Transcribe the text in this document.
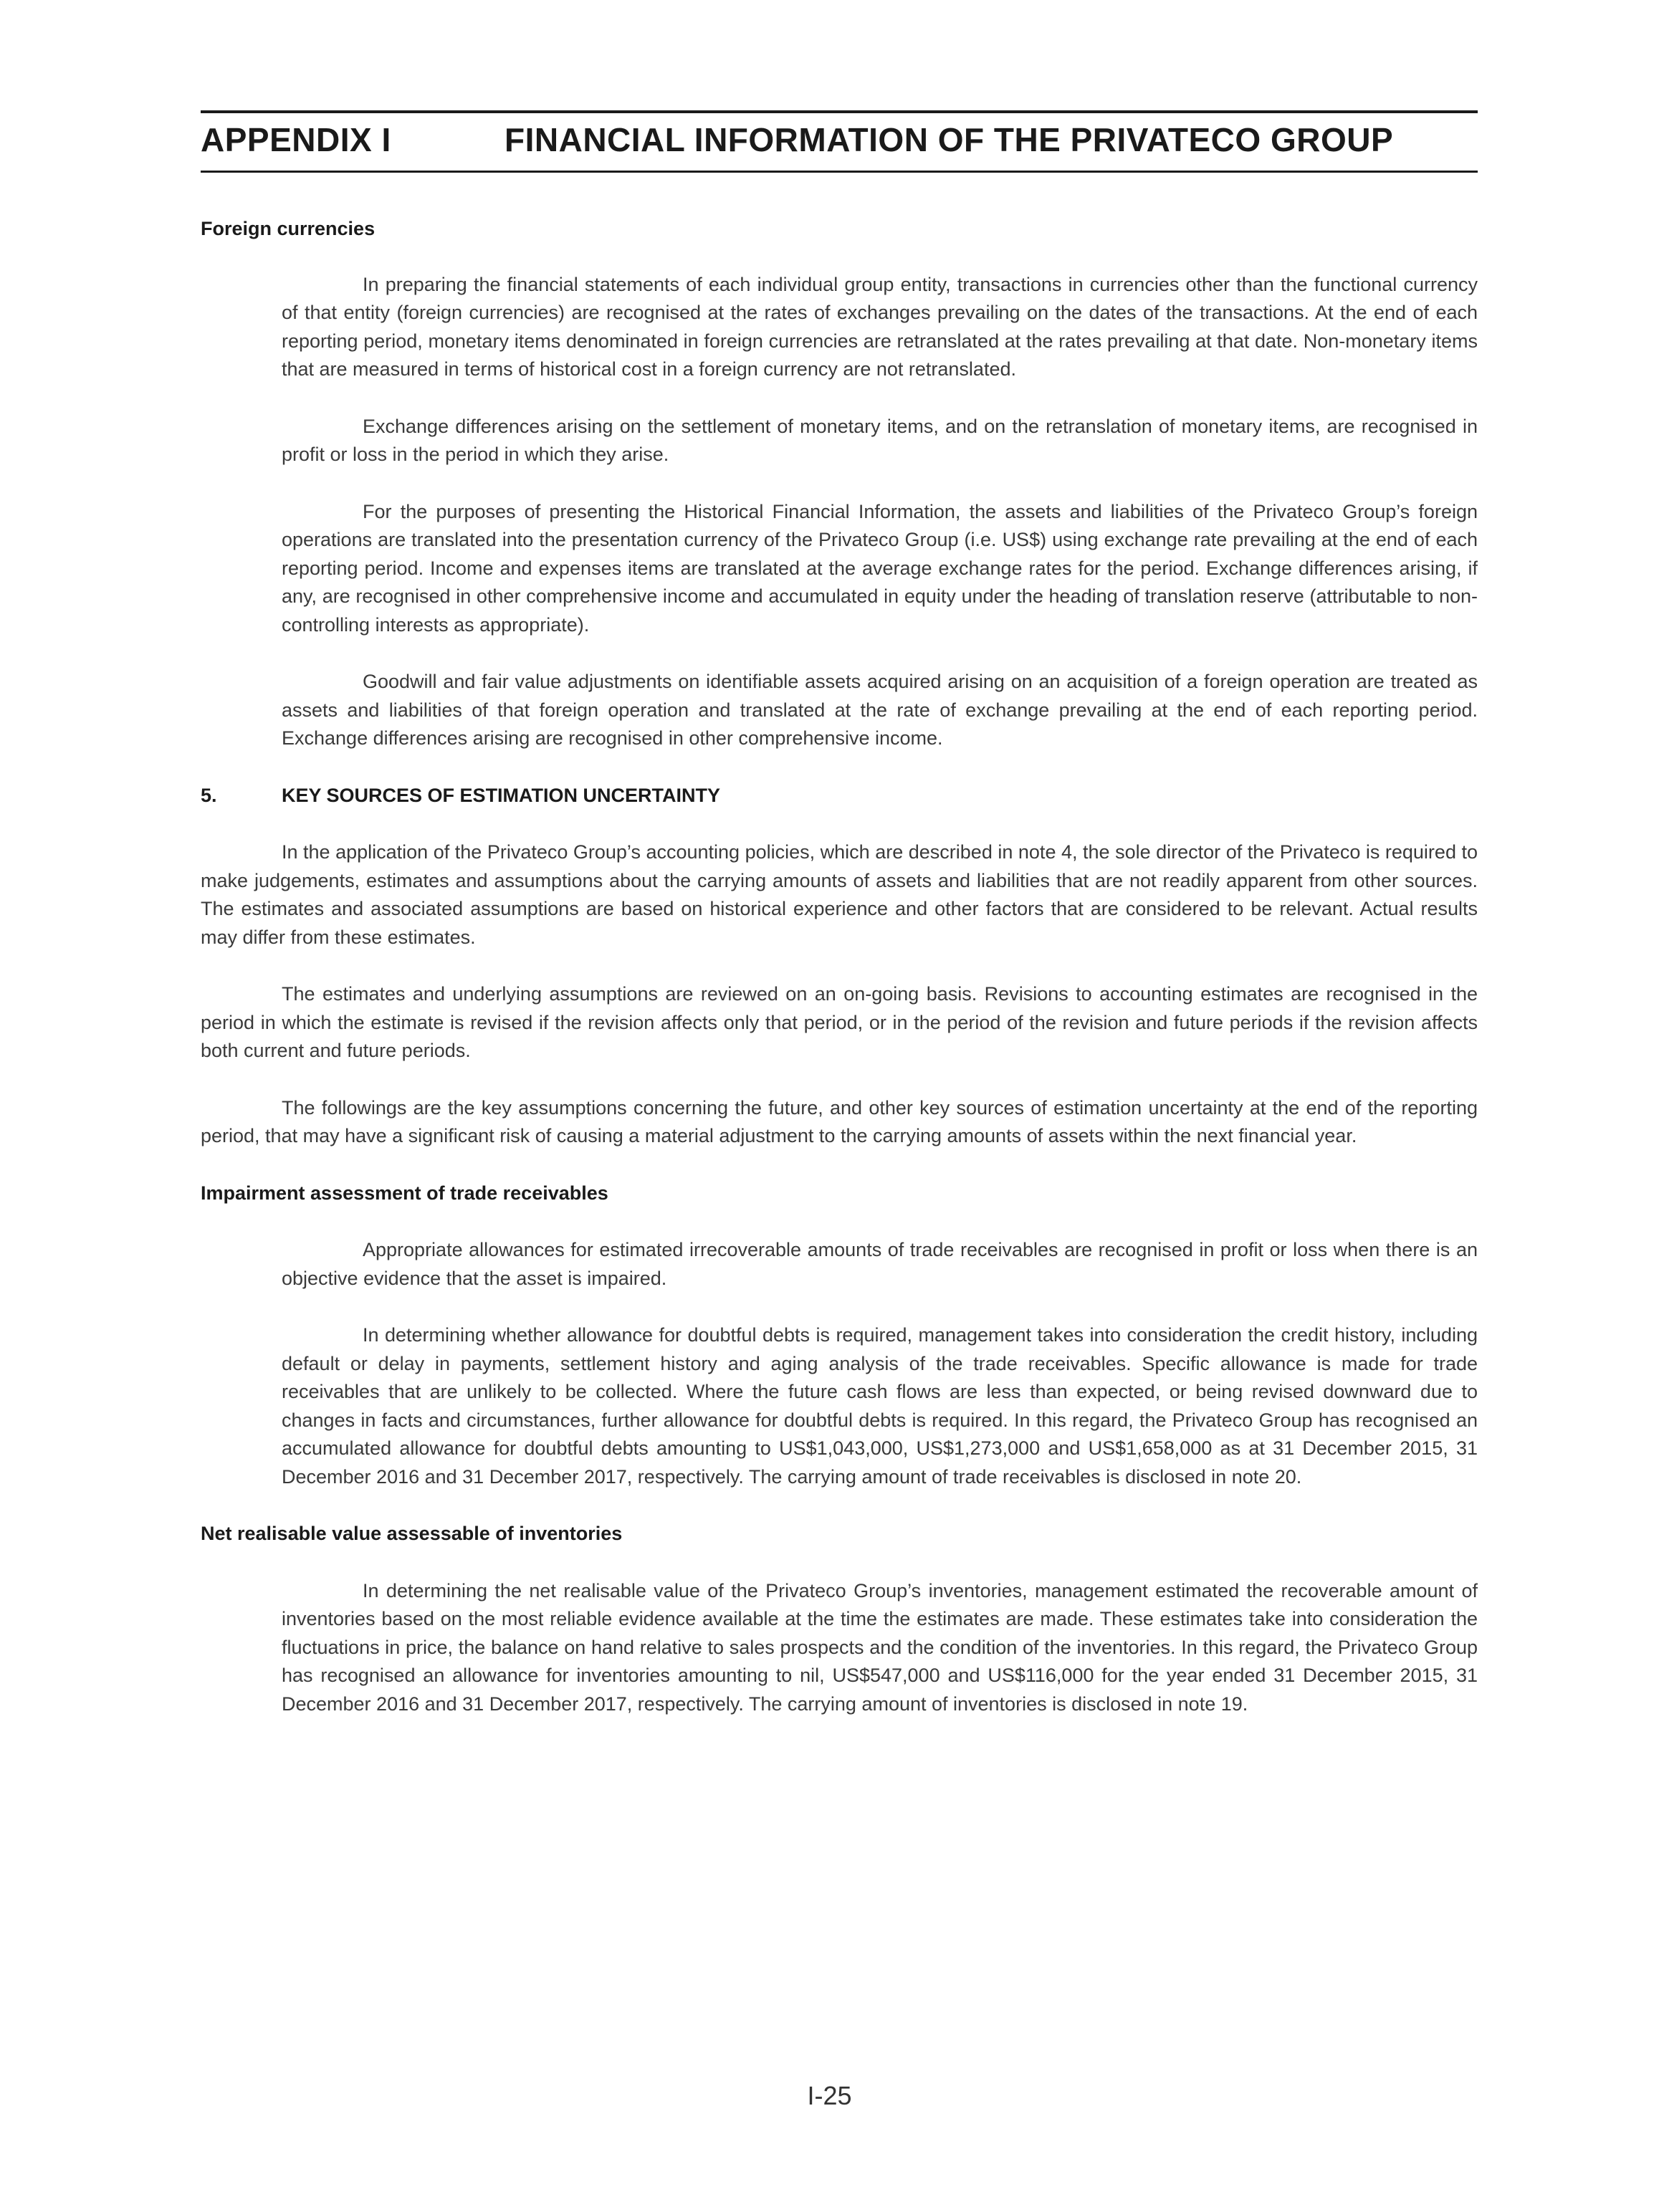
APPENDIX I	FINANCIAL INFORMATION OF THE PRIVATECO GROUP

Foreign currencies

In preparing the financial statements of each individual group entity, transactions in currencies other than the functional currency of that entity (foreign currencies) are recognised at the rates of exchanges prevailing on the dates of the transactions. At the end of each reporting period, monetary items denominated in foreign currencies are retranslated at the rates prevailing at that date. Non-monetary items that are measured in terms of historical cost in a foreign currency are not retranslated.

Exchange differences arising on the settlement of monetary items, and on the retranslation of monetary items, are recognised in profit or loss in the period in which they arise.

For the purposes of presenting the Historical Financial Information, the assets and liabilities of the Privateco Group’s foreign operations are translated into the presentation currency of the Privateco Group (i.e. US$) using exchange rate prevailing at the end of each reporting period. Income and expenses items are translated at the average exchange rates for the period. Exchange differences arising, if any, are recognised in other comprehensive income and accumulated in equity under the heading of translation reserve (attributable to non-controlling interests as appropriate).

Goodwill and fair value adjustments on identifiable assets acquired arising on an acquisition of a foreign operation are treated as assets and liabilities of that foreign operation and translated at the rate of exchange prevailing at the end of each reporting period. Exchange differences arising are recognised in other comprehensive income.

5.	KEY SOURCES OF ESTIMATION UNCERTAINTY

In the application of the Privateco Group’s accounting policies, which are described in note 4, the sole director of the Privateco is required to make judgements, estimates and assumptions about the carrying amounts of assets and liabilities that are not readily apparent from other sources. The estimates and associated assumptions are based on historical experience and other factors that are considered to be relevant. Actual results may differ from these estimates.

The estimates and underlying assumptions are reviewed on an on-going basis. Revisions to accounting estimates are recognised in the period in which the estimate is revised if the revision affects only that period, or in the period of the revision and future periods if the revision affects both current and future periods.

The followings are the key assumptions concerning the future, and other key sources of estimation uncertainty at the end of the reporting period, that may have a significant risk of causing a material adjustment to the carrying amounts of assets within the next financial year.

Impairment assessment of trade receivables

Appropriate allowances for estimated irrecoverable amounts of trade receivables are recognised in profit or loss when there is an objective evidence that the asset is impaired.

In determining whether allowance for doubtful debts is required, management takes into consideration the credit history, including default or delay in payments, settlement history and aging analysis of the trade receivables. Specific allowance is made for trade receivables that are unlikely to be collected. Where the future cash flows are less than expected, or being revised downward due to changes in facts and circumstances, further allowance for doubtful debts is required. In this regard, the Privateco Group has recognised an accumulated allowance for doubtful debts amounting to US$1,043,000, US$1,273,000 and US$1,658,000 as at 31 December 2015, 31 December 2016 and 31 December 2017, respectively. The carrying amount of trade receivables is disclosed in note 20.

Net realisable value assessable of inventories

In determining the net realisable value of the Privateco Group’s inventories, management estimated the recoverable amount of inventories based on the most reliable evidence available at the time the estimates are made. These estimates take into consideration the fluctuations in price, the balance on hand relative to sales prospects and the condition of the inventories. In this regard, the Privateco Group has recognised an allowance for inventories amounting to nil, US$547,000 and US$116,000 for the year ended 31 December 2015, 31 December 2016 and 31 December 2017, respectively. The carrying amount of inventories is disclosed in note 19.

I-25
